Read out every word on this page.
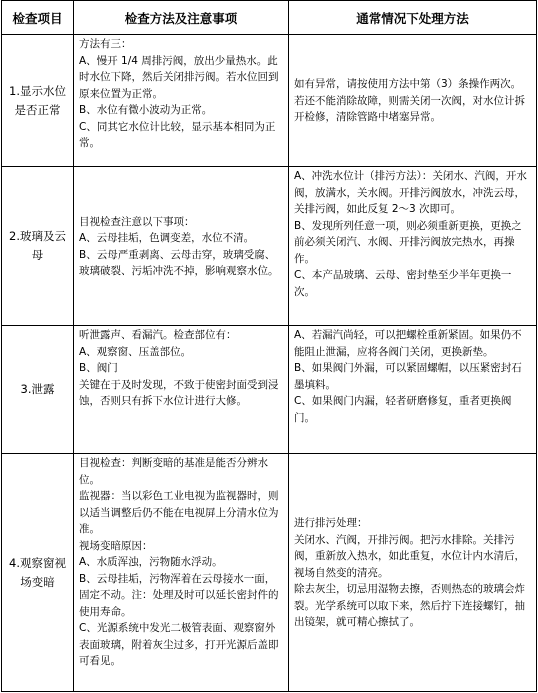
检查项目	检查方法及注意事项	通常情况下处理方法
1.显示水位是否正常
方法有三：
A、慢开 1/4 周排污阀，放出少量热水。此时水位下降，然后关闭排污阀。若水位回到原来位置为正常。
B、水位有微小波动为正常。
C、同其它水位计比较，显示基本相同为正常。
如有异常，请按使用方法中第（3）条操作两次。
若还不能消除故障，则需关闭一次阀，对水位计拆开检修，清除管路中堵塞异常。
2.玻璃及云母
目视检查注意以下事项：
A、云母挂垢，色调变差，水位不清。
B、云母严重剥离、云母击穿，玻璃受腐、玻璃破裂、污垢冲洗不掉，影响观察水位。
A、冲洗水位计（排污方法）：关闭水、汽阀，开水阀，放满水，关水阀。开排污阀放水，冲洗云母，关排污阀，如此反复 2～3 次即可。
B、发现所列任意一项，则必须重新更换，更换之前必须关闭汽、水阀、开排污阀放完热水，再操作。
C、本产品玻璃、云母、密封垫至少半年更换一次。
3.泄露
听泄露声、看漏汽。检查部位有：
A、观察窗、压盖部位。
B、阀门
关键在于及时发现，不致于使密封面受到浸蚀，否则只有拆下水位计进行大修。
A、若漏汽尚轻，可以把螺栓重新紧固。如果仍不能阻止泄漏，应将各阀门关闭，更换新垫。
B、如果阀门外漏，可以紧固螺帽，以压紧密封石墨填料。
C、如果阀门内漏，轻者研磨修复，重者更换阀门。
4.观察窗视场变暗
目视检查：判断变暗的基准是能否分辨水位。
监视器：当以彩色工业电视为监视器时，则以适当调整后仍不能在电视屏上分清水位为准。
视场变暗原因：
A、水质浑浊，污物随水浮动。
B、云母挂垢，污物浑着在云母接水一面，固定不动。注：处理及时可以延长密封件的使用寿命。
C、光源系统中发光二极管表面、观察窗外表面玻璃，附着灰尘过多，打开光源后盖即可看见。
进行排污处理：
关闭水、汽阀，开排污阀。把污水排除。关排污阀，重新放入热水，如此重复，水位计内水清后，视场自然变的清亮。
除去灰尘，切忌用湿物去擦，否则热态的玻璃会炸裂。光学系统可以取下来，然后拧下连接螺钉，抽出镜架，就可精心擦拭了。
